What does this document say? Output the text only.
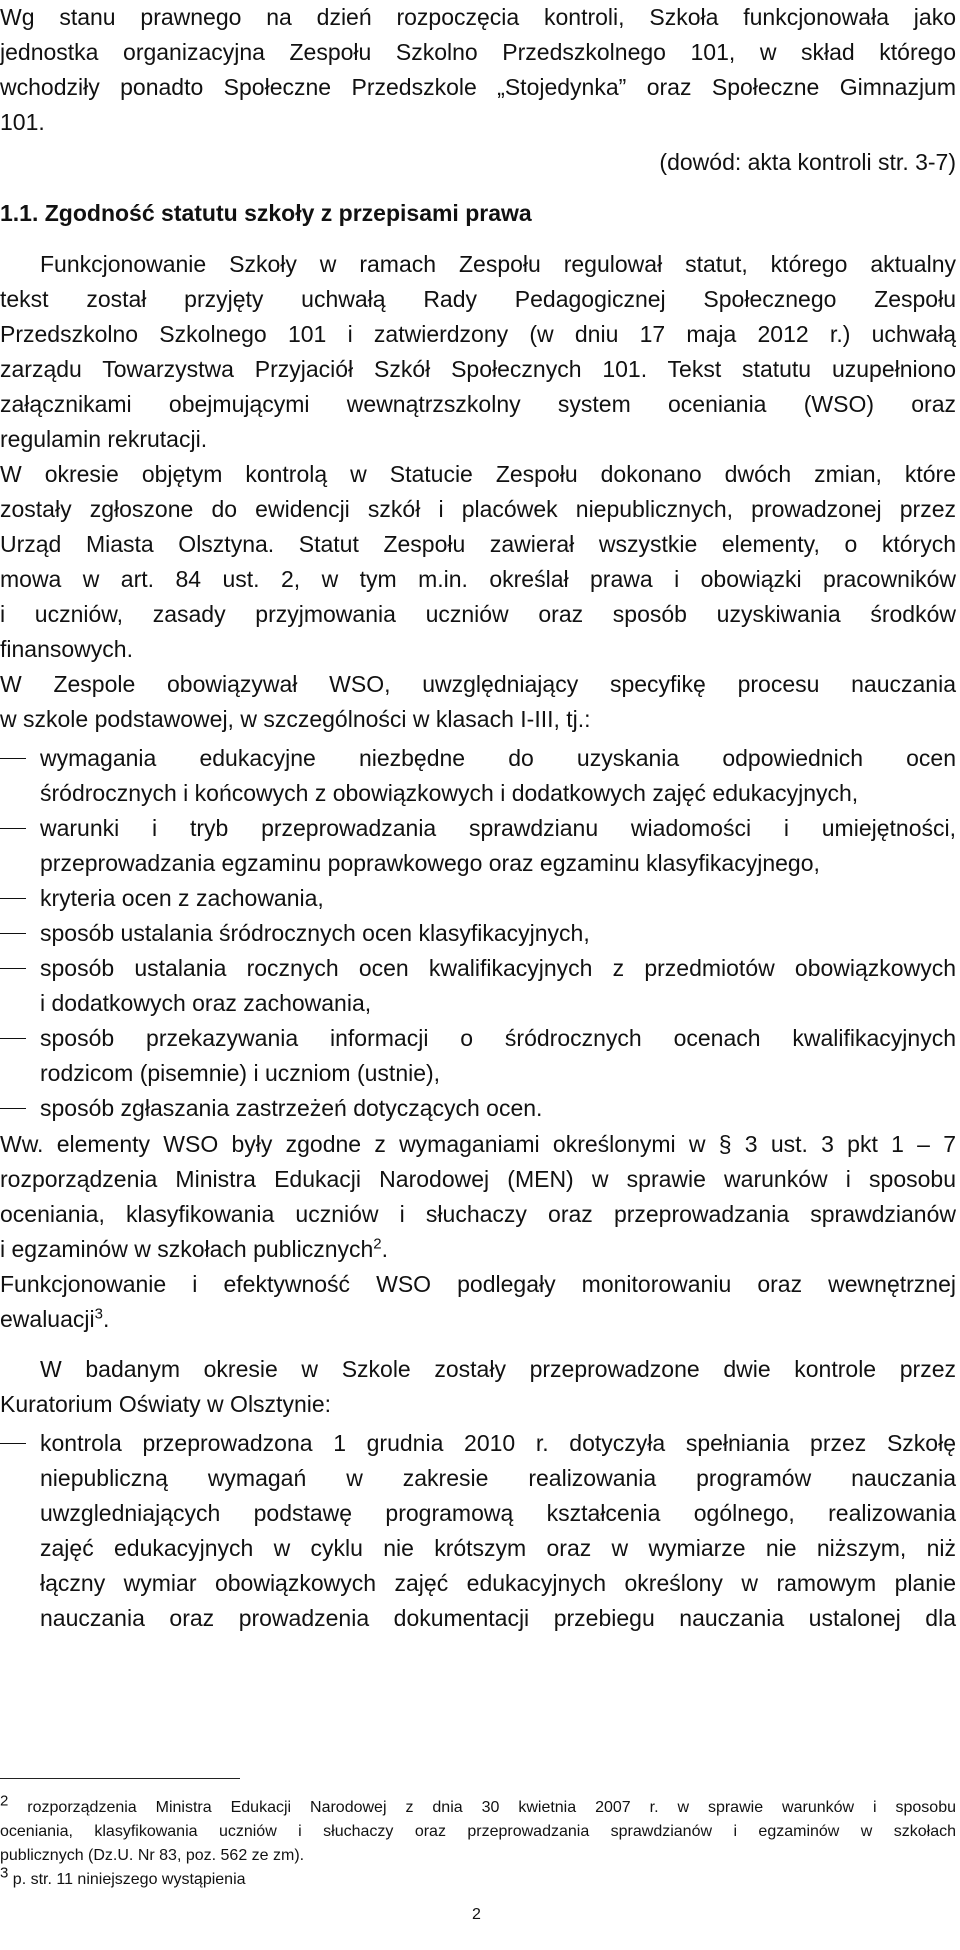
Wg stanu prawnego na dzień rozpoczęcia kontroli, Szkoła funkcjonowała jako
jednostka organizacyjna Zespołu Szkolno Przedszkolnego 101, w skład którego
wchodziły ponadto Społeczne Przedszkole „Stojedynka” oraz Społeczne Gimnazjum
101.
(dowód: akta kontroli str. 3-7)
1.1. Zgodność statutu szkoły z przepisami prawa
Funkcjonowanie Szkoły w ramach Zespołu regulował statut, którego aktualny
tekst został przyjęty uchwałą Rady Pedagogicznej Społecznego Zespołu
Przedszkolno Szkolnego 101 i zatwierdzony (w dniu 17 maja 2012 r.) uchwałą
zarządu Towarzystwa Przyjaciół Szkół Społecznych 101. Tekst statutu uzupełniono
załącznikami obejmującymi wewnątrzszkolny system oceniania (WSO) oraz
regulamin rekrutacji.
W okresie objętym kontrolą w Statucie Zespołu dokonano dwóch zmian, które
zostały zgłoszone do ewidencji szkół i placówek niepublicznych, prowadzonej przez
Urząd Miasta Olsztyna. Statut Zespołu zawierał wszystkie elementy, o których
mowa w art. 84 ust. 2, w tym m.in. określał prawa i obowiązki pracowników
i uczniów, zasady przyjmowania uczniów oraz sposób uzyskiwania środków
finansowych.
W Zespole obowiązywał WSO, uwzględniający specyfikę procesu nauczania
w szkole podstawowej, w szczególności w klasach I-III, tj.:
wymagania edukacyjne niezbędne do uzyskania odpowiednich ocen
śródrocznych i końcowych z obowiązkowych i dodatkowych zajęć edukacyjnych,
warunki i tryb przeprowadzania sprawdzianu wiadomości i umiejętności,
przeprowadzania egzaminu poprawkowego oraz egzaminu klasyfikacyjnego,
kryteria ocen z zachowania,
sposób ustalania śródrocznych ocen klasyfikacyjnych,
sposób ustalania rocznych ocen kwalifikacyjnych z przedmiotów obowiązkowych
i dodatkowych oraz zachowania,
sposób przekazywania informacji o śródrocznych ocenach kwalifikacyjnych
rodzicom (pisemnie) i uczniom (ustnie),
sposób zgłaszania zastrzeżeń dotyczących ocen.
Ww. elementy WSO były zgodne z wymaganiami określonymi w § 3 ust. 3 pkt 1 – 7
rozporządzenia Ministra Edukacji Narodowej (MEN) w sprawie warunków i sposobu
oceniania, klasyfikowania uczniów i słuchaczy oraz przeprowadzania sprawdzianów
i egzaminów w szkołach publicznych$^2$.
Funkcjonowanie i efektywność WSO podlegały monitorowaniu oraz wewnętrznej
ewaluacji$^3$.
W badanym okresie w Szkole zostały przeprowadzone dwie kontrole przez
Kuratorium Oświaty w Olsztynie:
kontrola przeprowadzona 1 grudnia 2010 r. dotyczyła spełniania przez Szkołę
niepubliczną wymagań w zakresie realizowania programów nauczania
uwzgledniających podstawę programową kształcenia ogólnego, realizowania
zajęć edukacyjnych w cyklu nie krótszym oraz w wymiarze nie niższym, niż
łączny wymiar obowiązkowych zajęć edukacyjnych określony w ramowym planie
nauczania oraz prowadzenia dokumentacji przebiegu nauczania ustalonej dla
$^2$ rozporządzenia Ministra Edukacji Narodowej z dnia 30 kwietnia 2007 r. w sprawie warunków i sposobu
oceniania, klasyfikowania uczniów i słuchaczy oraz przeprowadzania sprawdzianów i egzaminów w szkołach
publicznych (Dz.U. Nr 83, poz. 562 ze zm).
$^3$ p. str. 11 niniejszego wystąpienia
2
